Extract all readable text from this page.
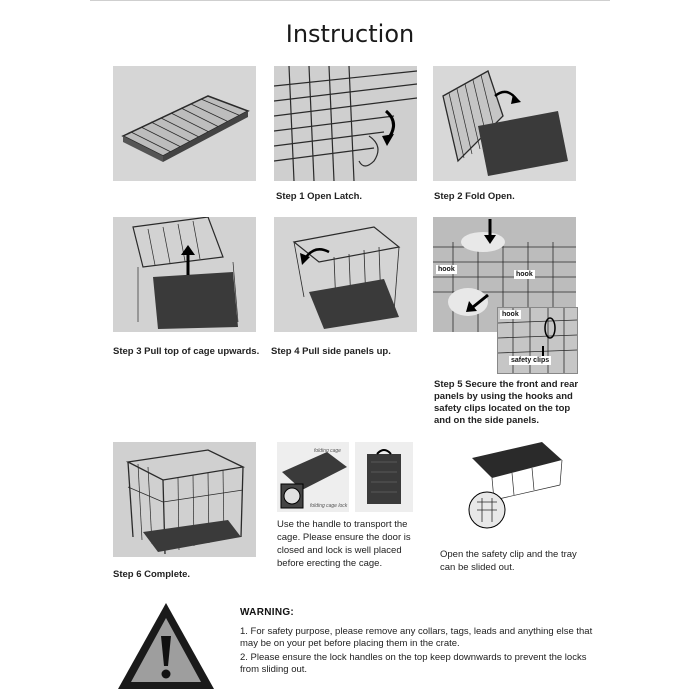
Instruction
Step 1 Open Latch.	Step 2 Fold Open.
hook
hook
hook
safety clips
Step 3 Pull top of cage upwards. Step 4 Pull side panels up.
Step 5 Secure the front and rear panels by using the hooks and safety clips located on the top and on the side panels.
Step 6 Complete.
folding cage
folding cage lock
Use the handle to transport the cage. Please ensure the door is closed and lock is well placed before erecting the cage.
Open the safety clip and the tray can be slided out.
WARNING:
1. For safety purpose, please remove any collars, tags, leads and anything else that may be on your pet before placing them in the crate.
2. Please ensure the lock handles on the top keep downwards to prevent the locks from sliding out.
